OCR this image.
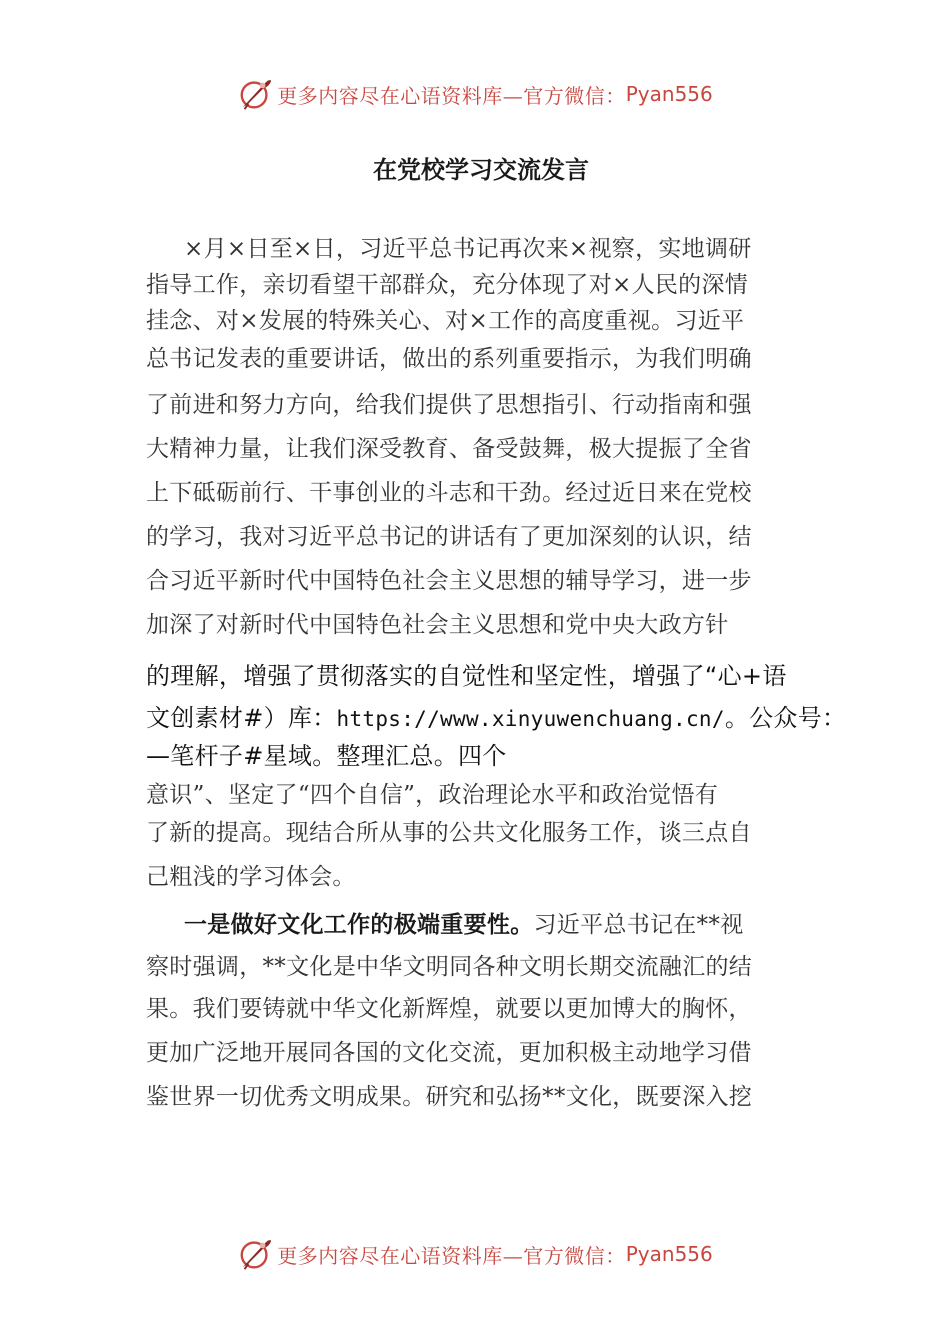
更多内容尽在心语资料库—官方微信： Pyan556
在党校学习交流发言
×月×日至×日，习近平总书记再次来×视察，实地调研
指导工作，亲切看望干部群众，充分体现了对×人民的深情
挂念、对×发展的特殊关心、对×工作的高度重视。习近平
总书记发表的重要讲话，做出的系列重要指示，为我们明确
了前进和努力方向，给我们提供了思想指引、行动指南和强
大精神力量，让我们深受教育、备受鼓舞，极大提振了全省
上下砥砺前行、干事创业的斗志和干劲。经过近日来在党校
的学习，我对习近平总书记的讲话有了更加深刻的认识，结
合习近平新时代中国特色社会主义思想的辅导学习，进一步
加深了对新时代中国特色社会主义思想和党中央大政方针
的理解，增强了贯彻落实的自觉性和坚定性，增强了“心+语
文创素材#）库：https://www.xinyuwenchuang.cn/。公众号：
—笔杆子#星域。整理汇总。四个
意识”、坚定了“四个自信”，政治理论水平和政治觉悟有
了新的提高。现结合所从事的公共文化服务工作，谈三点自
己粗浅的学习体会。
一是做好文化工作的极端重要性。习近平总书记在**视
察时强调，**文化是中华文明同各种文明长期交流融汇的结
果。我们要铸就中华文化新辉煌，就要以更加博大的胸怀，
更加广泛地开展同各国的文化交流，更加积极主动地学习借
鉴世界一切优秀文明成果。研究和弘扬**文化，既要深入挖
更多内容尽在心语资料库—官方微信： Pyan556
